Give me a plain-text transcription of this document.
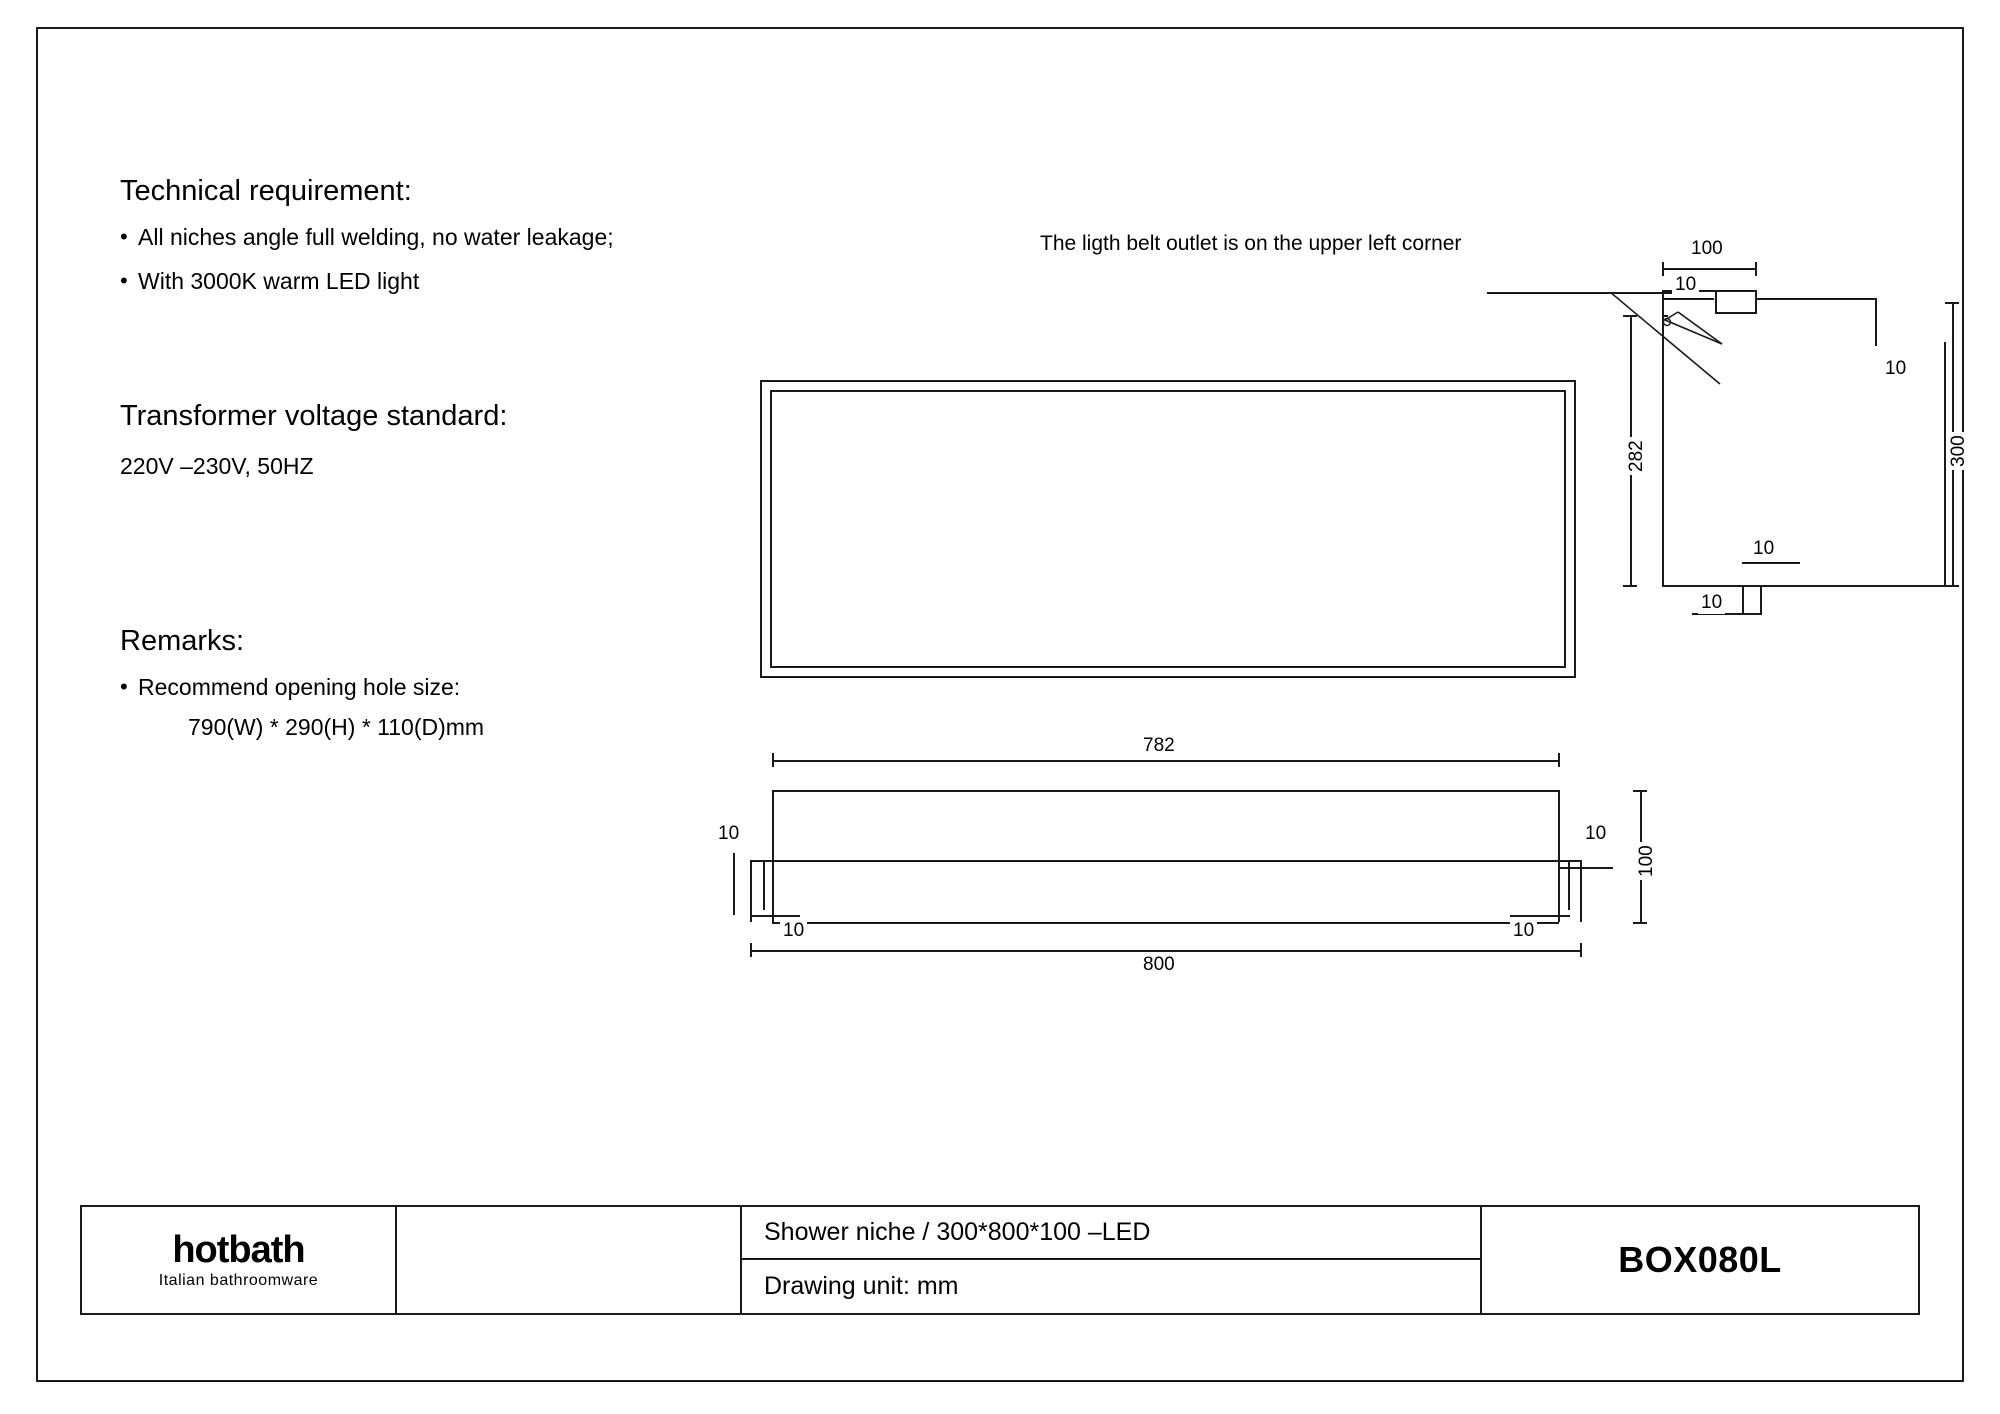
Technical requirement:
• All niches angle full welding, no water leakage;
• With 3000K warm LED light
Transformer voltage standard:
220V –230V, 50HZ
Remarks:
• Recommend opening hole size:
790(W) * 290(H) * 110(D)mm
The ligth belt outlet is on the upper left corner	100
10
10
282	300
10
10
782
800
10
10	10
10
100
hotbath
Italian bathroomware
Shower niche / 300*800*100 –LED
Drawing unit: mm
BOX080L
